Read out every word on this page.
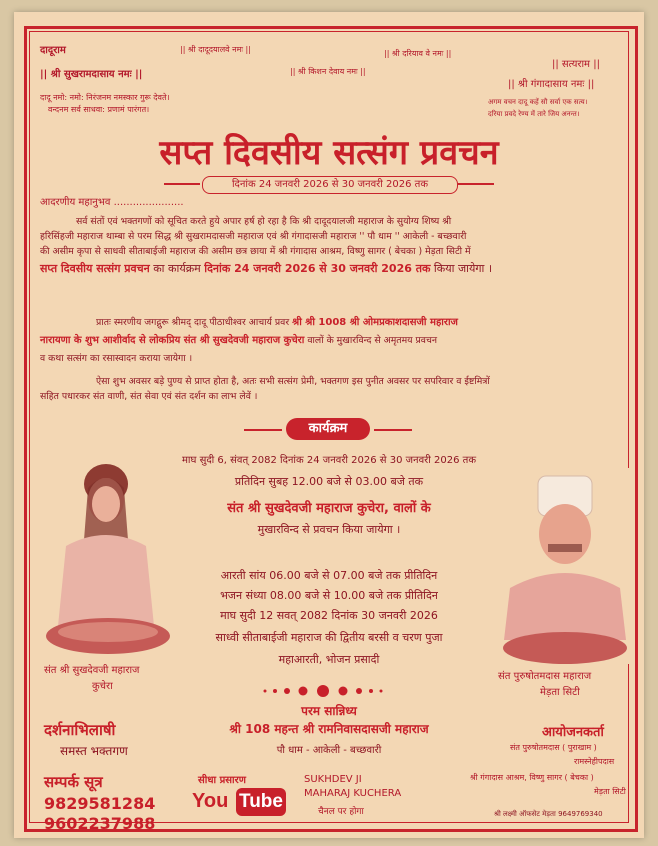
दादूराम
|| श्री सुखरामदासाय नमः ||
दादू नमो: नमो: निरंजनम नमस्कार गुरू देवते।
वन्दनम सर्व साधवा: प्रणामं पारंगत।
|| श्री दादूदयालवे नमः ||	|| श्री दरियाव वे नमः ||
|| श्री किशन देवाय नमः ||
|| सत्यराम ||
|| श्री गंगादासाय नमः ||
अगम वचन दादू कहें सौ सर्वा एक सत्य।
दरिया प्रवदे रेण्य में तारे जिय अनन्त।
सप्त दिवसीय सत्संग प्रवचन
दिनांक 24 जनवरी 2026 से 30 जनवरी 2026 तक
आदरणीय महानुभव ......................
सर्व संतों एवं भक्तगणों को सूचित करते हुये अपार हर्ष हो रहा है कि श्री दादूदयालजी महाराज के सुयोग्य शिष्य श्री
हरिसिंहजी महाराज थाम्बा से परम सिद्ध श्री सुखरामदासजी महाराज एवं श्री गंगादासजी महाराज '' पौ धाम '' आकेली - बच्छवारी
की असीम कृपा से साधवी सीताबाईजी महाराज की असीम छत्र छाया में श्री गंगादास आश्रम, विष्णु सागर ( बेचका ) मेड़ता सिटी में
सप्त दिवसीय सत्संग प्रवचन का कार्यक्रम दिनांक 24 जनवरी 2026 से 30 जनवरी 2026 तक किया जायेगा ।
प्रातः स्मरणीय जगद्गुरू श्रीमद् दादू पीठाधीश्वर आचार्य प्रवर श्री श्री 1008 श्री ओमप्रकाशदासजी महाराज
नारायणा के शुभ आशीर्वाद से लोकप्रिय संत श्री सुखदेवजी महाराज कुचेरा वालों के मुखारविन्द से अमृतमय प्रवचन
व कथा सत्संग का रसास्वादन कराया जायेगा ।
ऐसा शुभ अवसर बड़े पुण्य से प्राप्त होता है, अतः सभी सत्संग प्रेमी, भक्तगण इस पुनीत अवसर पर सपरिवार व ईष्टमित्रों
सहित पधारकर संत वाणी, संत सेवा एवं संत दर्शन का लाभ लेवें ।
कार्यक्रम
माघ सुदी 6, संवत् 2082 दिनांक 24 जनवरी 2026 से 30 जनवरी 2026 तक
प्रतिदिन सुबह 12.00 बजे से 03.00 बजे तक
संत श्री सुखदेवजी महाराज कुचेरा, वालों के
मुखारविन्द से प्रवचन किया जायेगा ।
आरती सांय 06.00 बजे से 07.00 बजे तक प्रीतिदिन
भजन संध्या 08.00 बजे से 10.00 बजे तक प्रीतिदिन
माघ सुदी 12 सवत् 2082 दिनांक 30 जनवरी 2026
साध्वी सीताबाईजी महाराज की द्वितीय बरसी व चरण पुजा
महाआरती, भोजन प्रसादी
संत श्री सुखदेवजी महाराज
कुचेरा
संत पुरुषोतमदास महाराज
मेड़ता सिटी
परम सान्निध्य
श्री 108 महन्त श्री रामनिवासदासजी महाराज
पौ धाम - आकेली - बच्छवारी
दर्शनाभिलाषी
समस्त भक्तगण
आयोजनकर्ता
संत पुरुषोतमदास ( पुराखाम )
रामस्नेहीपदास
श्री गंगादास आश्रम, विष्णु सागर ( बेचका )
मेड़ता सिटी
सम्पर्क सूत्र
9829581284
9602237988
सीधा प्रसारण
You Tube
SUKHDEV JI
MAHARAJ KUCHERA
चैनल पर होगा	श्री लक्ष्मी ऑफसेट मेड़ता 9649769340
